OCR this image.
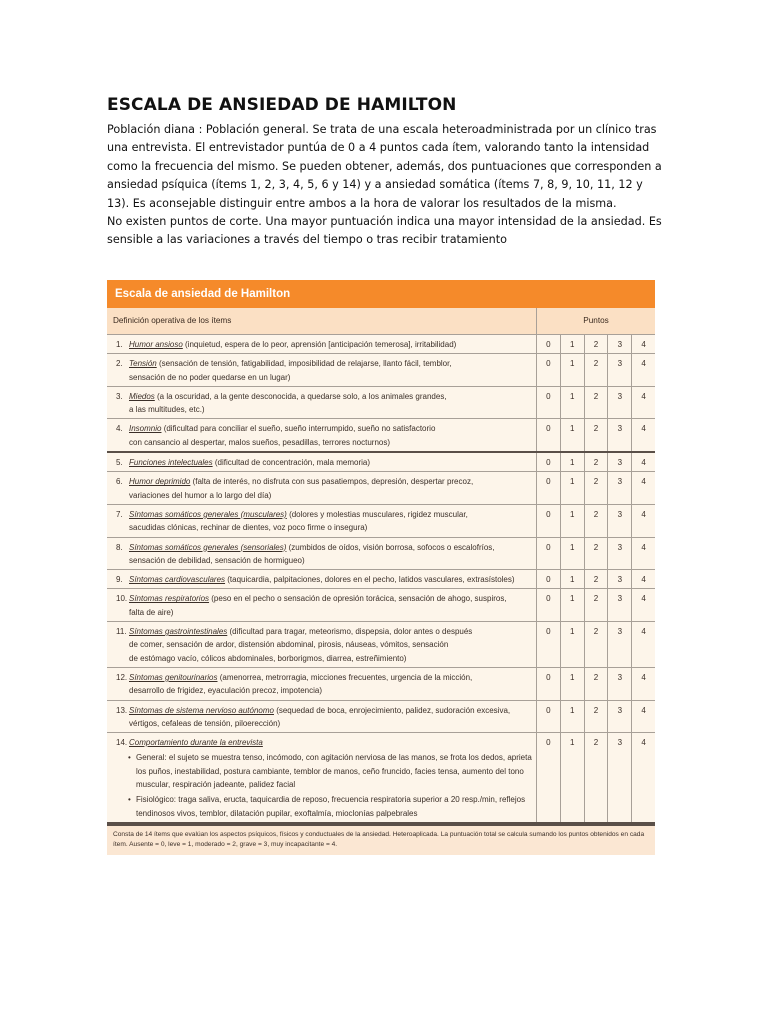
ESCALA DE ANSIEDAD DE HAMILTON

Población diana : Población general. Se trata de una escala heteroadministrada por un clínico tras una entrevista. El entrevistador puntúa de 0 a 4 puntos cada ítem, valorando tanto la intensidad como la frecuencia del mismo. Se pueden obtener, además, dos puntuaciones que corresponden a ansiedad psíquica (ítems 1, 2, 3, 4, 5, 6 y 14) y a ansiedad somática (ítems 7, 8, 9, 10, 11, 12 y 13). Es aconsejable distinguir entre ambos a la hora de valorar los resultados de la misma.

No existen puntos de corte. Una mayor puntuación indica una mayor intensidad de la ansiedad. Es sensible a las variaciones a través del tiempo o tras recibir tratamiento

Escala de ansiedad de Hamilton
Definición operativa de los ítems	Puntos
1. Humor ansioso (inquietud, espera de lo peor, aprensión [anticipación temerosa], irritabilidad)	0	1	2	3	4
2. Tensión (sensación de tensión, fatigabilidad, imposibilidad de relajarse, llanto fácil, temblor,
sensación de no poder quedarse en un lugar)
0	1	2	3	4
3. Miedos (a la oscuridad, a la gente desconocida, a quedarse solo, a los animales grandes,
a las multitudes, etc.)
0	1	2	3	4
4. Insomnio (dificultad para conciliar el sueño, sueño interrumpido, sueño no satisfactorio
con cansancio al despertar, malos sueños, pesadillas, terrores nocturnos)
0	1	2	3	4
5. Funciones intelectuales (dificultad de concentración, mala memoria)	0	1	2	3	4
6. Humor deprimido (falta de interés, no disfruta con sus pasatiempos, depresión, despertar precoz,
variaciones del humor a lo largo del día)
0	1	2	3	4
7. Síntomas somáticos generales (musculares) (dolores y molestias musculares, rigidez muscular,
sacudidas clónicas, rechinar de dientes, voz poco firme o insegura)
0	1	2	3	4
8. Síntomas somáticos generales (sensoriales) (zumbidos de oídos, visión borrosa, sofocos o escalofríos,
sensación de debilidad, sensación de hormigueo)
0	1	2	3	4
9. Síntomas cardiovasculares (taquicardia, palpitaciones, dolores en el pecho, latidos vasculares, extrasístoles)	0	1	2	3	4
10. Síntomas respiratorios (peso en el pecho o sensación de opresión torácica, sensación de ahogo, suspiros,
falta de aire)
0	1	2	3	4
11. Síntomas gastrointestinales (dificultad para tragar, meteorismo, dispepsia, dolor antes o después
de comer, sensación de ardor, distensión abdominal, pirosis, náuseas, vómitos, sensación
de estómago vacío, cólicos abdominales, borborigmos, diarrea, estreñimiento)
0	1	2	3	4
12. Síntomas genitourinarios (amenorrea, metrorragia, micciones frecuentes, urgencia de la micción,
desarrollo de frigidez, eyaculación precoz, impotencia)
0	1	2	3	4
13. Síntomas de sistema nervioso autónomo (sequedad de boca, enrojecimiento, palidez, sudoración excesiva,
vértigos, cefaleas de tensión, piloerección)
0	1	2	3	4
14. Comportamiento durante la entrevista
• General: el sujeto se muestra tenso, incómodo, con agitación nerviosa de las manos, se frota los dedos, aprieta los puños, inestabilidad, postura cambiante, temblor de manos, ceño fruncido, facies tensa, aumento del tono muscular, respiración jadeante, palidez facial
• Fisiológico: traga saliva, eructa, taquicardia de reposo, frecuencia respiratoria superior a 20 resp./min, reflejos tendinosos vivos, temblor, dilatación pupilar, exoftalmía, mioclonías palpebrales
0	1	2	3	4
Consta de 14 ítems que evalúan los aspectos psíquicos, físicos y conductuales de la ansiedad. Heteroaplicada. La puntuación total se calcula sumando los puntos obtenidos en cada ítem. Ausente = 0, leve = 1, moderado = 2, grave = 3, muy incapacitante = 4.
